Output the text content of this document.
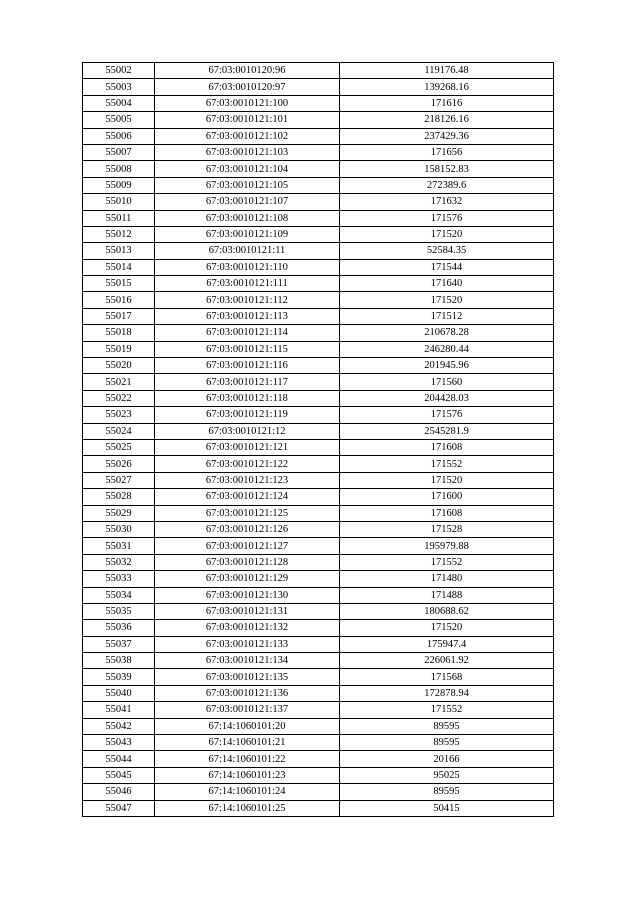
55002	67:03:0010120:96	119176.48
55003	67:03:0010120:97	139268.16
55004	67:03:0010121:100	171616
55005	67:03:0010121:101	218126.16
55006	67:03:0010121:102	237429.36
55007	67:03:0010121:103	171656
55008	67:03:0010121:104	158152.83
55009	67:03:0010121:105	272389.6
55010	67:03:0010121:107	171632
55011	67:03:0010121:108	171576
55012	67:03:0010121:109	171520
55013	67:03:0010121:11	52584.35
55014	67:03:0010121:110	171544
55015	67:03:0010121:111	171640
55016	67:03:0010121:112	171520
55017	67:03:0010121:113	171512
55018	67:03:0010121:114	210678.28
55019	67:03:0010121:115	246280.44
55020	67:03:0010121:116	201945.96
55021	67:03:0010121:117	171560
55022	67:03:0010121:118	204428.03
55023	67:03:0010121:119	171576
55024	67:03:0010121:12	2545281.9
55025	67:03:0010121:121	171608
55026	67:03:0010121:122	171552
55027	67:03:0010121:123	171520
55028	67:03:0010121:124	171600
55029	67:03:0010121:125	171608
55030	67:03:0010121:126	171528
55031	67:03:0010121:127	195979.88
55032	67:03:0010121:128	171552
55033	67:03:0010121:129	171480
55034	67:03:0010121:130	171488
55035	67:03:0010121:131	180688.62
55036	67:03:0010121:132	171520
55037	67:03:0010121:133	175947.4
55038	67:03:0010121:134	226061.92
55039	67:03:0010121:135	171568
55040	67:03:0010121:136	172878.94
55041	67:03:0010121:137	171552
55042	67:14:1060101:20	89595
55043	67:14:1060101:21	89595
55044	67:14:1060101:22	20166
55045	67:14:1060101:23	95025
55046	67:14:1060101:24	89595
55047	67:14:1060101:25	50415
